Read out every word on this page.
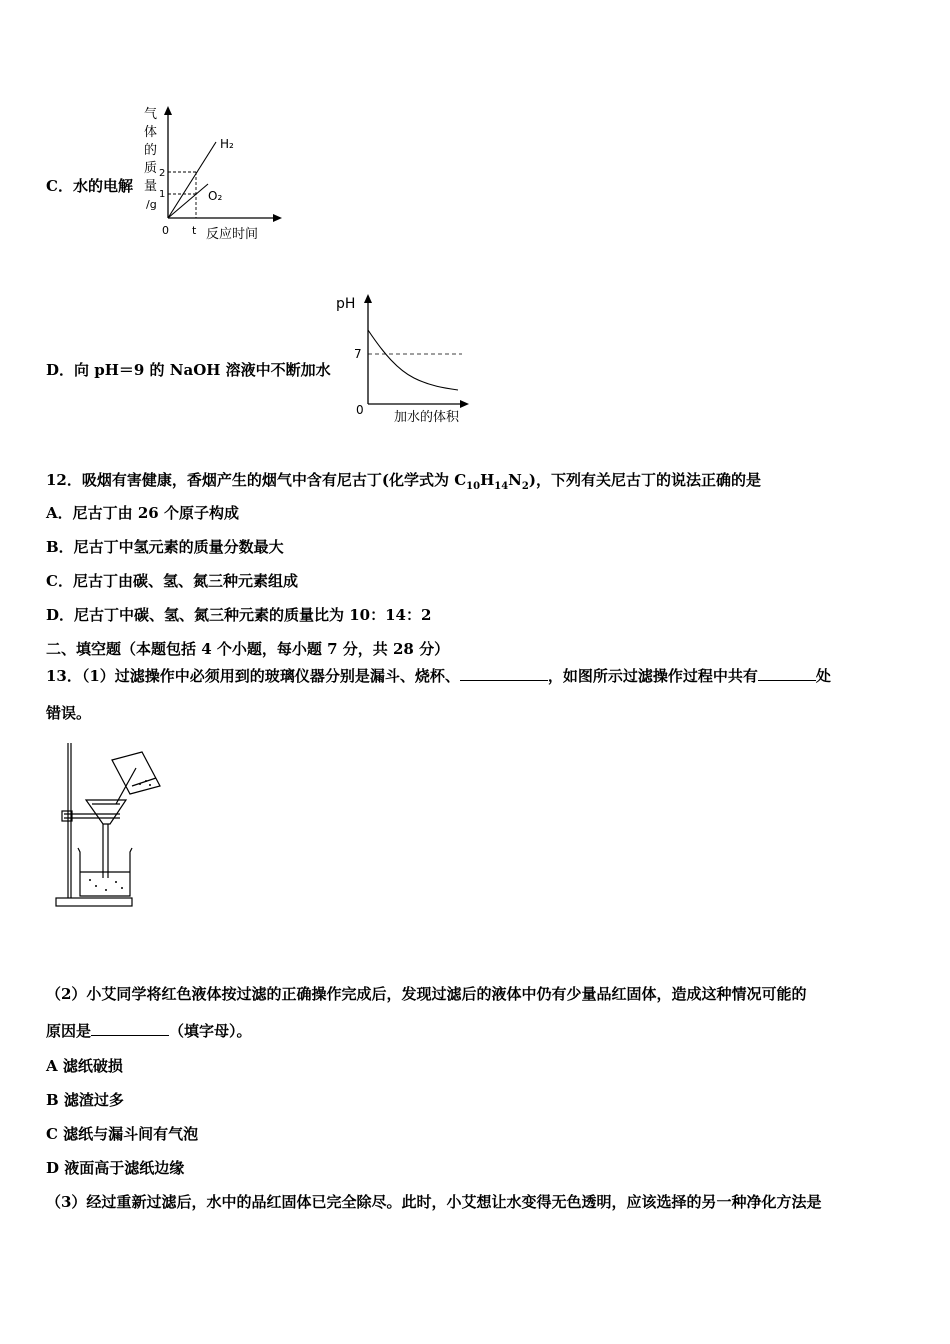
C．水的电解
气
体
的
质
量
/g
2
1
0 t 反应时间
H₂
O₂
D．向 pH＝9 的 NaOH 溶液中不断加水
pH
7
0 加水的体积
12．吸烟有害健康，香烟产生的烟气中含有尼古丁(化学式为 $C_{10}H_{14}N_2$)，下列有关尼古丁的说法正确的是
A．尼古丁由 26 个原子构成
B．尼古丁中氢元素的质量分数最大
C．尼古丁由碳、氢、氮三种元素组成
D．尼古丁中碳、氢、氮三种元素的质量比为 10：14：2
二、填空题（本题包括 4 个小题，每小题 7 分，共 28 分）
13．（1）过滤操作中必须用到的玻璃仪器分别是漏斗、烧杯、	，如图所示过滤操作过程中共有	处
错误。
（2）小艾同学将红色液体按过滤的正确操作完成后，发现过滤后的液体中仍有少量品红固体，造成这种情况可能的
原因是	（填字母）。
A 滤纸破损
B 滤渣过多
C 滤纸与漏斗间有气泡
D 液面高于滤纸边缘
（3）经过重新过滤后，水中的品红固体已完全除尽。此时，小艾想让水变得无色透明，应该选择的另一种净化方法是
